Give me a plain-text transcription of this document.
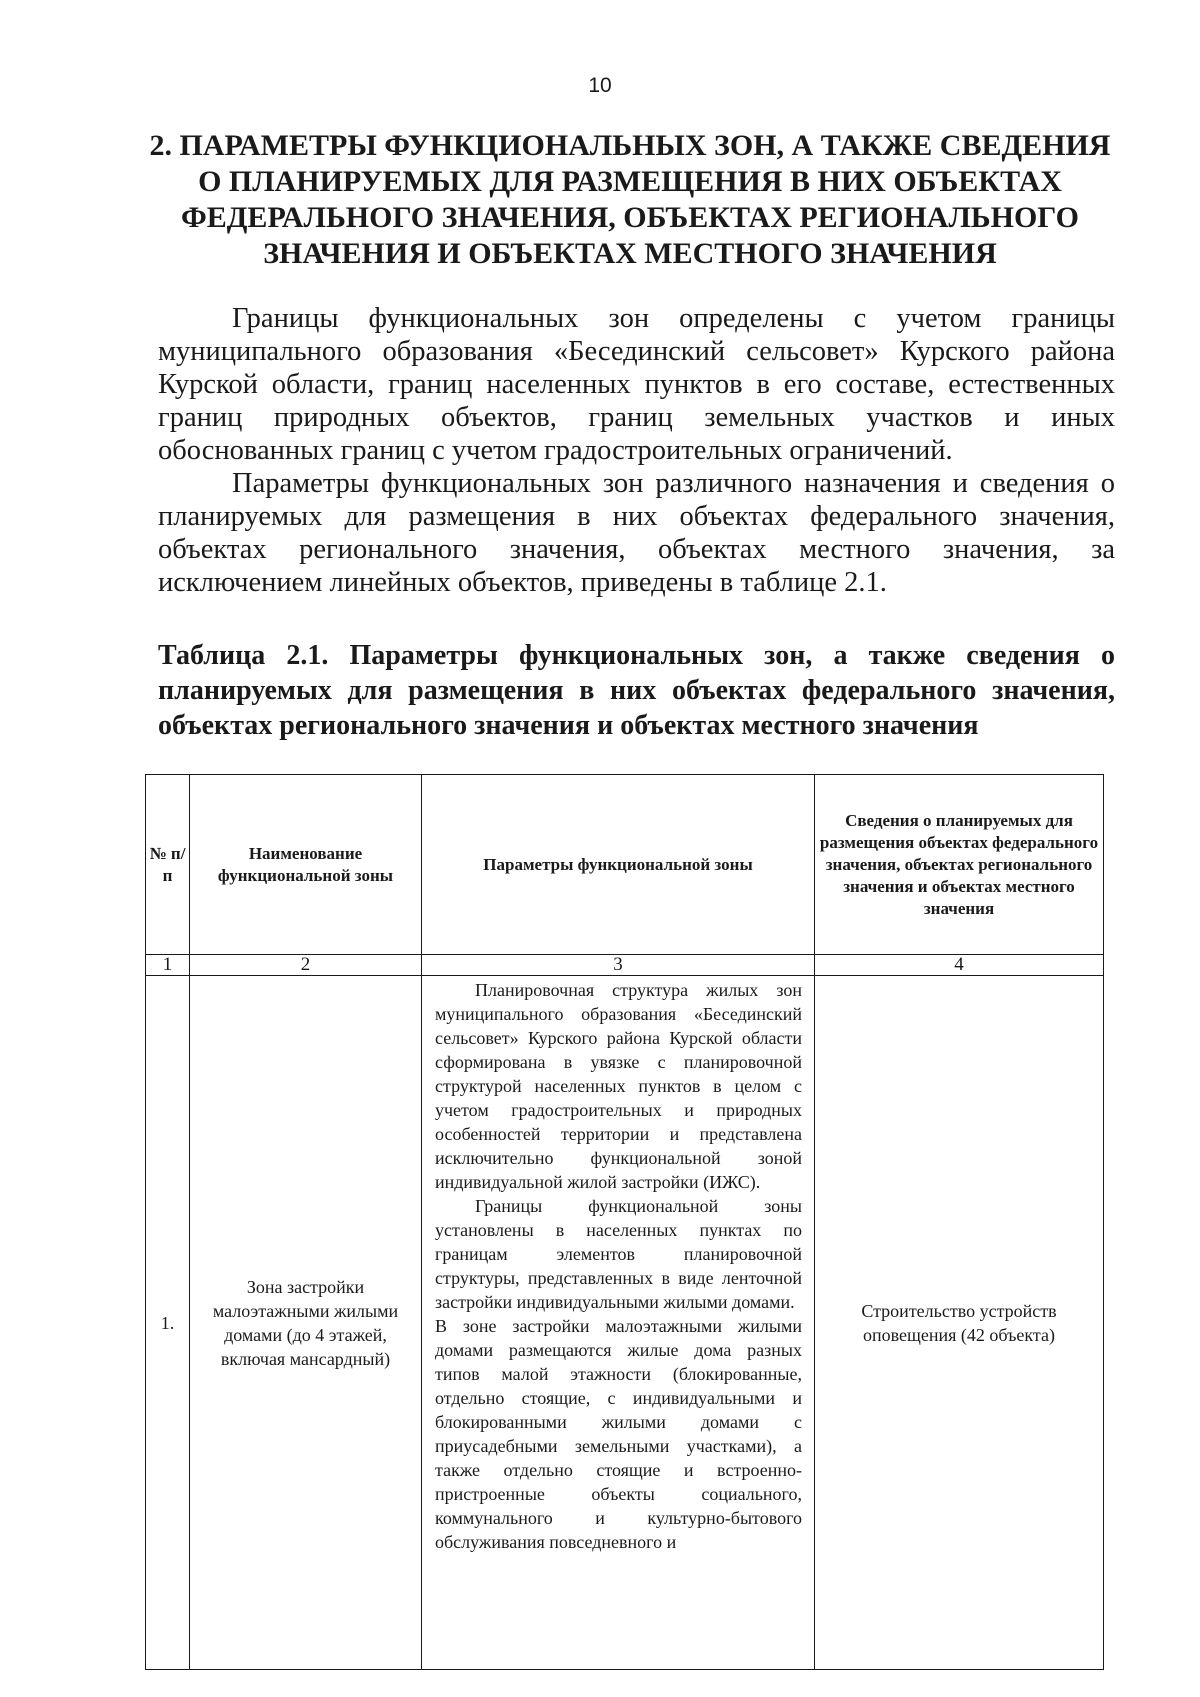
10
2. ПАРАМЕТРЫ ФУНКЦИОНАЛЬНЫХ ЗОН, А ТАКЖЕ СВЕДЕНИЯ
О ПЛАНИРУЕМЫХ ДЛЯ РАЗМЕЩЕНИЯ В НИХ ОБЪЕКТАХ
ФЕДЕРАЛЬНОГО ЗНАЧЕНИЯ, ОБЪЕКТАХ РЕГИОНАЛЬНОГО
ЗНАЧЕНИЯ И ОБЪЕКТАХ МЕСТНОГО ЗНАЧЕНИЯ

Границы функциональных зон определены с учетом границы муниципального образования «Бесединский сельсовет» Курского района Курской области, границ населенных пунктов в его составе, естественных границ природных объектов, границ земельных участков и иных обоснованных границ с учетом градостроительных ограничений.

Параметры функциональных зон различного назначения и сведения о планируемых для размещения в них объектах федерального значения, объектах регионального значения, объектах местного значения, за исключением линейных объектов, приведены в таблице 2.1.

Таблица 2.1. Параметры функциональных зон, а также сведения о планируемых для размещения в них объектах федерального значения, объектах регионального значения и объектах местного значения
№ п/п	Наименование функциональной зоны	Параметры функциональной зоны	Сведения о планируемых для размещения объектах федерального значения, объектах регионального значения и объектах местного значения
1	2	3	4
1.	Зона застройки малоэтажными жилыми домами (до 4 этажей, включая мансардный)	Планировочная структура жилых зон муниципального образования «Бесединский сельсовет» Курского района Курской области сформирована в увязке с планировочной структурой населенных пунктов в целом с учетом градостроительных и природных особенностей территории и представлена исключительно функциональной зоной индивидуальной жилой застройки (ИЖС).

Границы функциональной зоны установлены в населенных пунктах по границам элементов планировочной структуры, представленных в виде ленточной застройки индивидуальными жилыми домами.

В зоне застройки малоэтажными жилыми домами размещаются жилые дома разных типов малой этажности (блокированные, отдельно стоящие, с индивидуальными и блокированными жилыми домами с приусадебными земельными участками), а также отдельно стоящие и встроенно-пристроенные объекты социального, коммунального и культурно-бытового обслуживания повседневного и	Строительство устройств оповещения (42 объекта)
